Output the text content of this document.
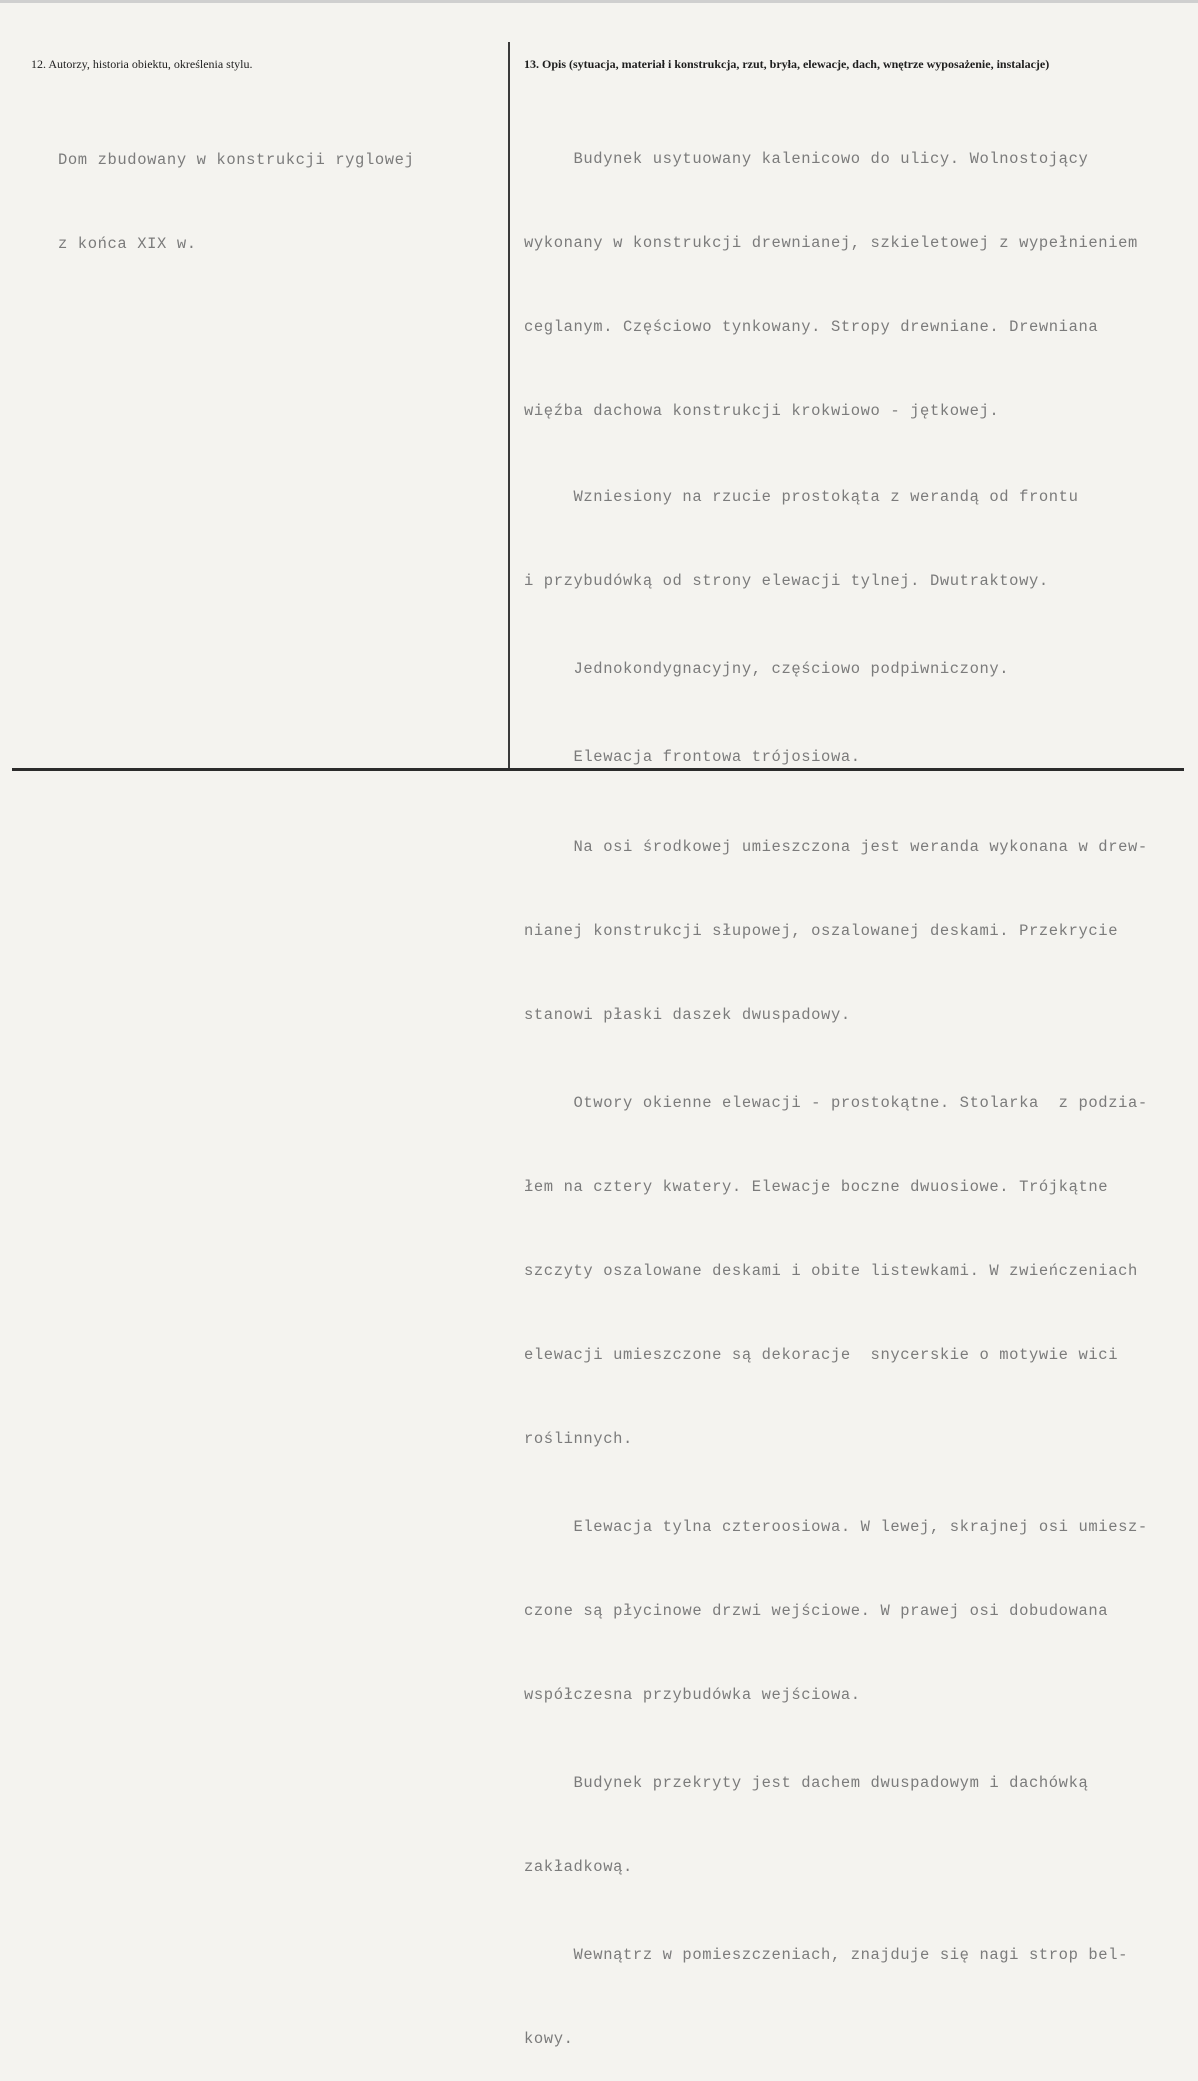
12. Autorzy, historia obiektu, określenia stylu.	13. Opis (sytuacja, materiał i konstrukcja, rzut, bryła, elewacje, dach, wnętrze wyposażenie, instalacje)

Dom zbudowany w konstrukcji ryglowej

z końca XIX w.

Budynek usytuowany kalenicowo do ulicy. Wolnostojący

wykonany w konstrukcji drewnianej, szkieletowej z wypełnieniem

ceglanym. Częściowo tynkowany. Stropy drewniane. Drewniana

więźba dachowa konstrukcji krokwiowo - jętkowej.

Wzniesiony na rzucie prostokąta z werandą od frontu

i przybudówką od strony elewacji tylnej. Dwutraktowy.

Jednokondygnacyjny, częściowo podpiwniczony.

Elewacja frontowa trójosiowa.

Na osi środkowej umieszczona jest weranda wykonana w drew-

nianej konstrukcji słupowej, oszalowanej deskami. Przekrycie

stanowi płaski daszek dwuspadowy.

Otwory okienne elewacji - prostokątne. Stolarka  z podzia-

łem na cztery kwatery. Elewacje boczne dwuosiowe. Trójkątne

szczyty oszalowane deskami i obite listewkami. W zwieńczeniach

elewacji umieszczone są dekoracje  snycerskie o motywie wici

roślinnych.

Elewacja tylna czteroosiowa. W lewej, skrajnej osi umiesz-

czone są płycinowe drzwi wejściowe. W prawej osi dobudowana

współczesna przybudówka wejściowa.

Budynek przekryty jest dachem dwuspadowym i dachówką

zakładkową.

Wewnątrz w pomieszczeniach, znajduje się nagi strop bel-

kowy.
